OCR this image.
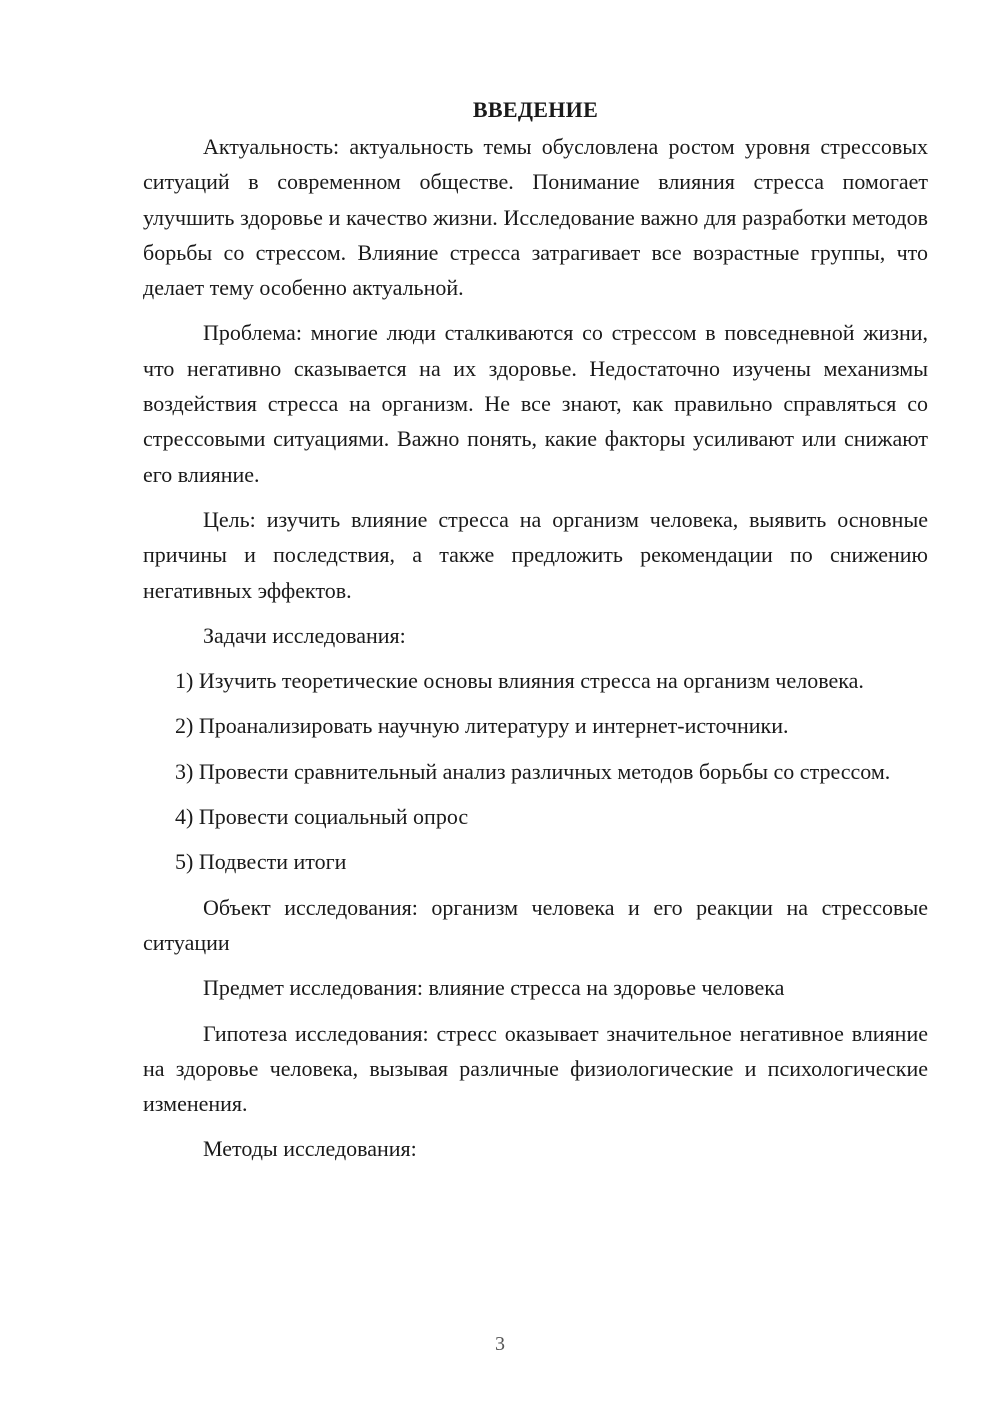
ВВЕДЕНИЕ

Актуальность: актуальность темы обусловлена ростом уровня стрессовых ситуаций в современном обществе. Понимание влияния стресса помогает улучшить здоровье и качество жизни. Исследование важно для разработки методов борьбы со стрессом. Влияние стресса затрагивает все возрастные группы, что делает тему особенно актуальной.

Проблема: многие люди сталкиваются со стрессом в повседневной жизни, что негативно сказывается на их здоровье. Недостаточно изучены механизмы воздействия стресса на организм. Не все знают, как правильно справляться со стрессовыми ситуациями. Важно понять, какие факторы усиливают или снижают его влияние.

Цель: изучить влияние стресса на организм человека, выявить основные причины и последствия, а также предложить рекомендации по снижению негативных эффектов.

Задачи исследования:

1) Изучить теоретические основы влияния стресса на организм человека.

2) Проанализировать научную литературу и интернет-источники.

3) Провести сравнительный анализ различных методов борьбы со стрессом.

4) Провести социальный опрос

5) Подвести итоги

Объект исследования: организм человека и его реакции на стрессовые ситуации

Предмет исследования: влияние стресса на здоровье человека

Гипотеза исследования: стресс оказывает значительное негативное влияние на здоровье человека, вызывая различные физиологические и психологические изменения.

Методы исследования:

3
